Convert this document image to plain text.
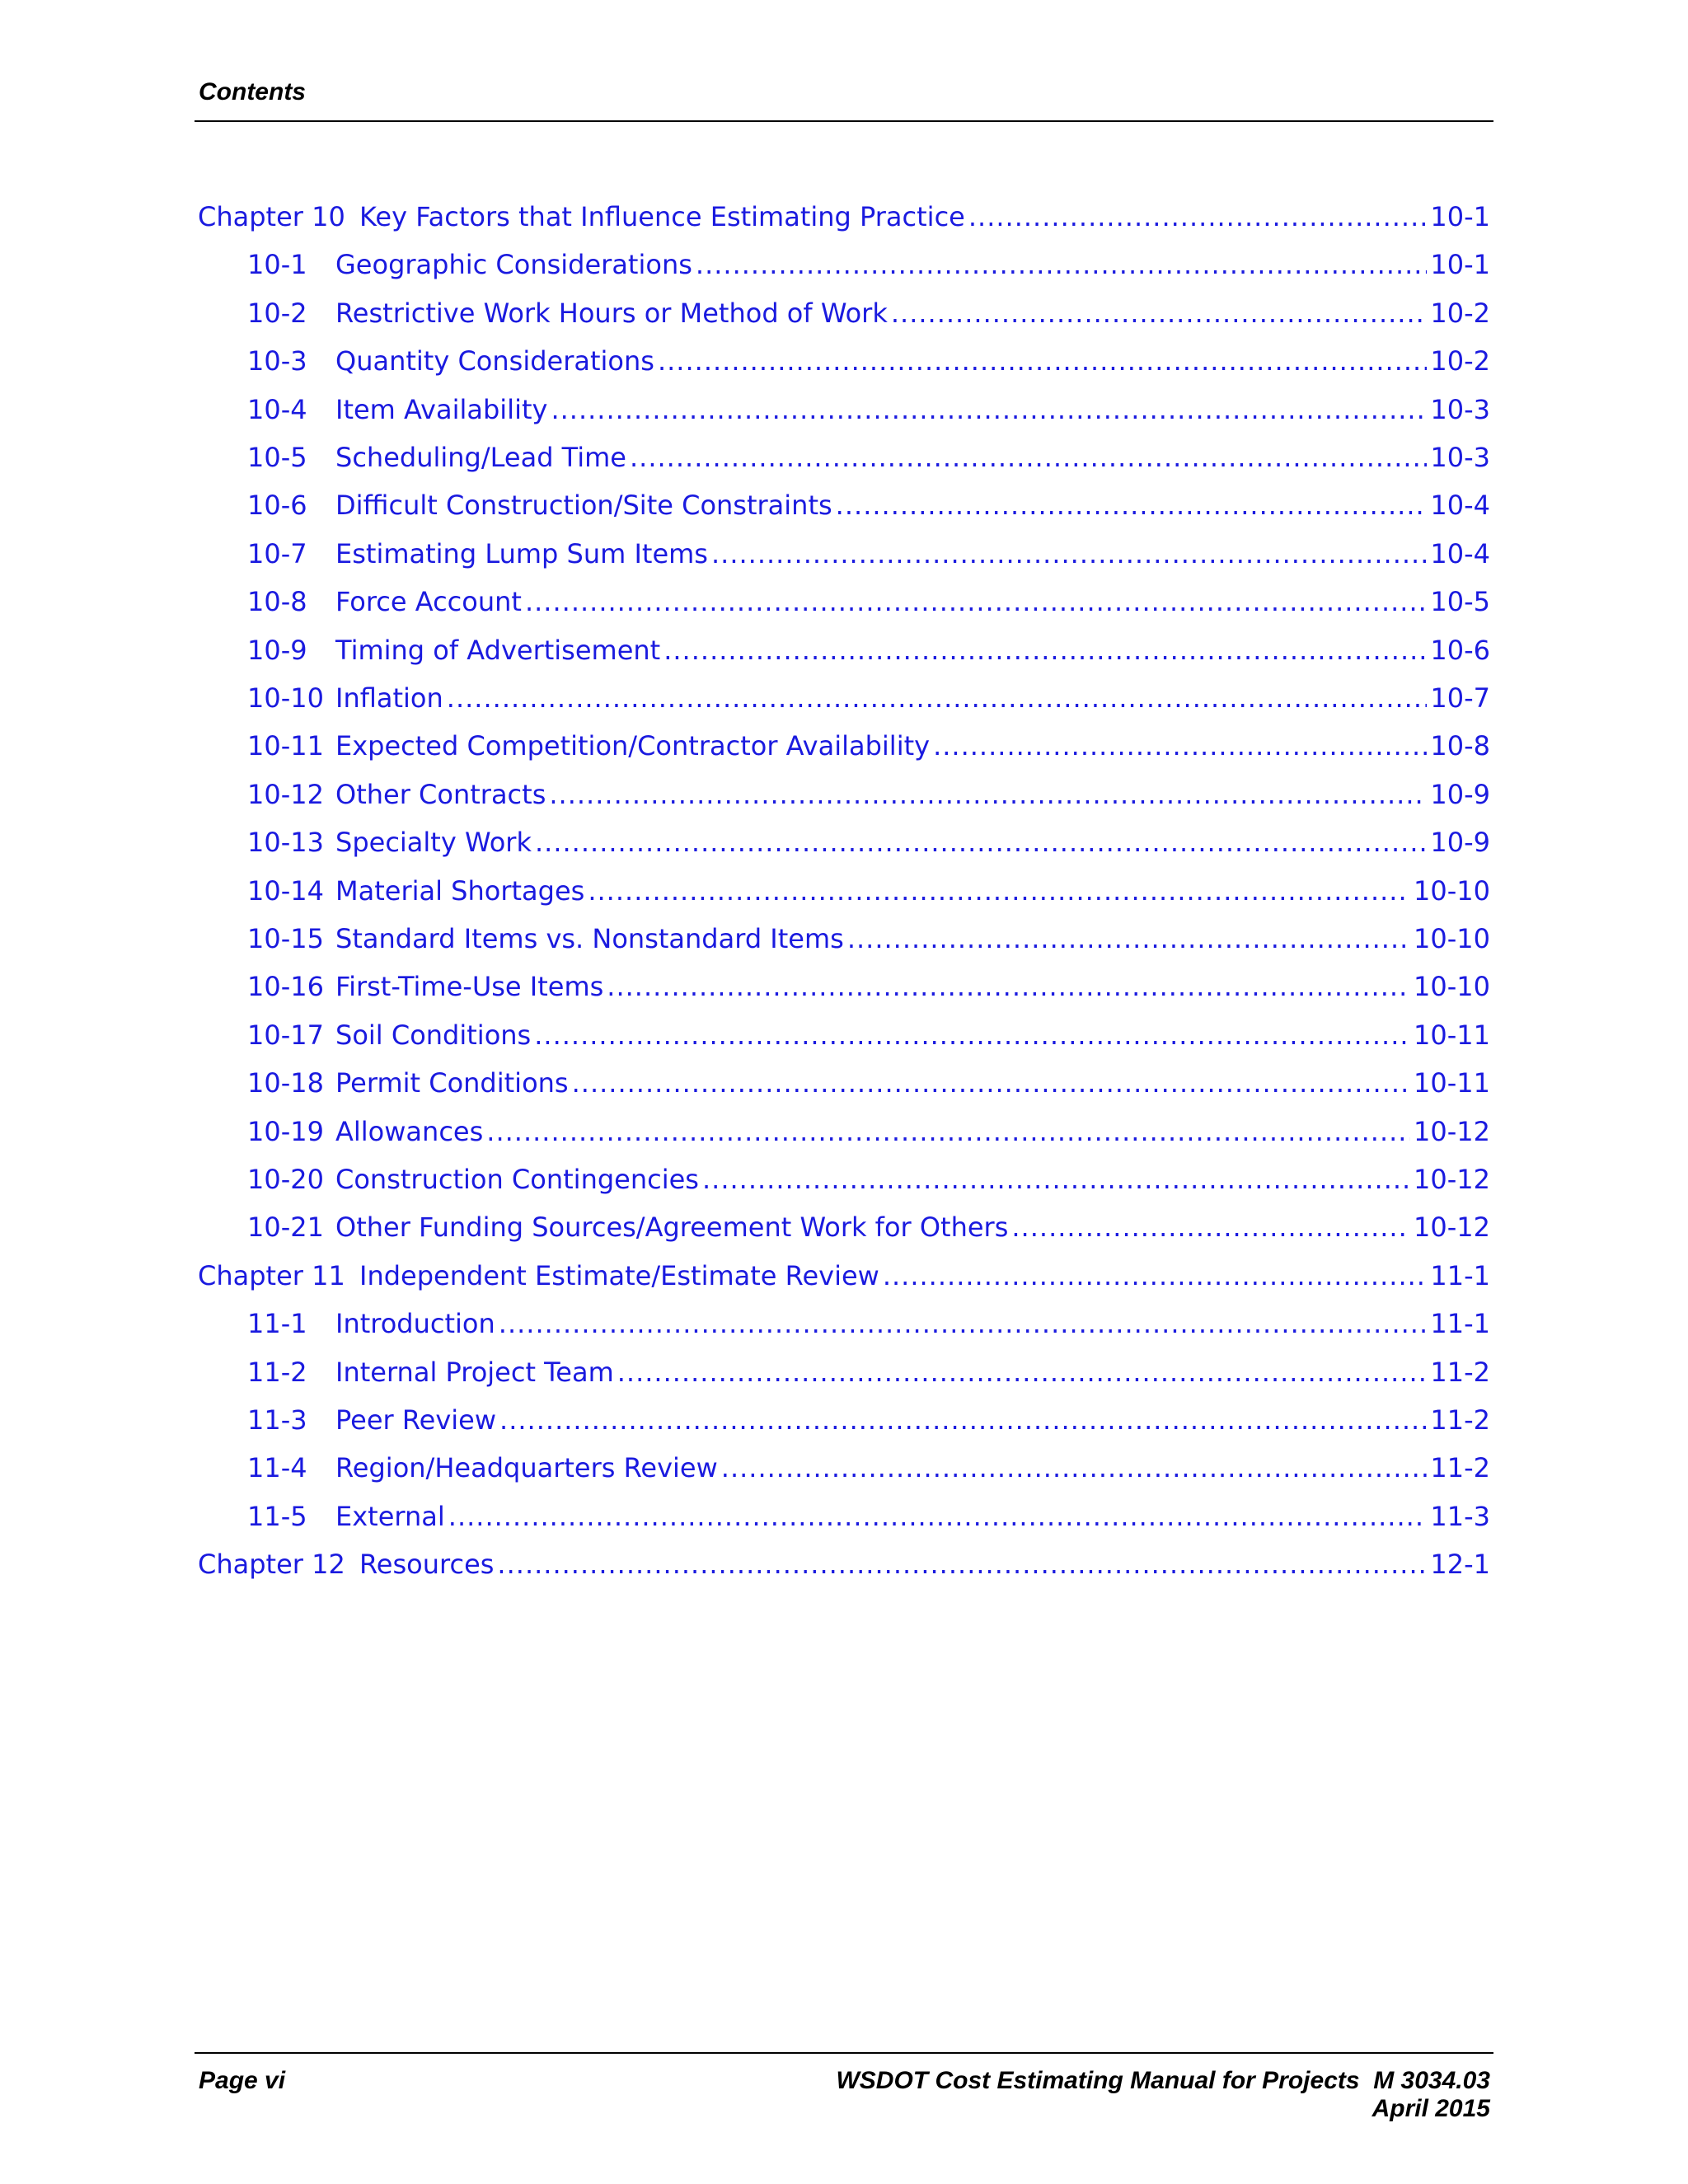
Contents
Chapter 10 Key Factors that Influence Estimating Practice .....	10-1
10-1	Geographic Considerations .....	10-1
10-2	Restrictive Work Hours or Method of Work .....	10-2
10-3	Quantity Considerations .....	10-2
10-4	Item Availability .....	10-3
10-5	Scheduling/Lead Time .....	10-3
10-6	Difficult Construction/Site Constraints .....	10-4
10-7	Estimating Lump Sum Items .....	10-4
10-8	Force Account .....	10-5
10-9	Timing of Advertisement .....	10-6
10-10 Inflation .....	10-7
10-11 Expected Competition/Contractor Availability .....	10-8
10-12 Other Contracts .....	10-9
10-13 Specialty Work .....	10-9
10-14 Material Shortages .....	10-10
10-15 Standard Items vs. Nonstandard Items .....	10-10
10-16 First-Time-Use Items .....	10-10
10-17 Soil Conditions .....	10-11
10-18 Permit Conditions .....	10-11
10-19 Allowances .....	10-12
10-20 Construction Contingencies .....	10-12
10-21 Other Funding Sources/Agreement Work for Others .....	10-12
Chapter 11 Independent Estimate/Estimate Review .....	11-1
11-1	Introduction .....	11-1
11-2	Internal Project Team .....	11-2
11-3	Peer Review .....	11-2
11-4	Region/Headquarters Review .....	11-2
11-5	External .....	11-3
Chapter 12 Resources .....	12-1
Page vi	WSDOT Cost Estimating Manual for Projects  M 3034.03
April 2015
